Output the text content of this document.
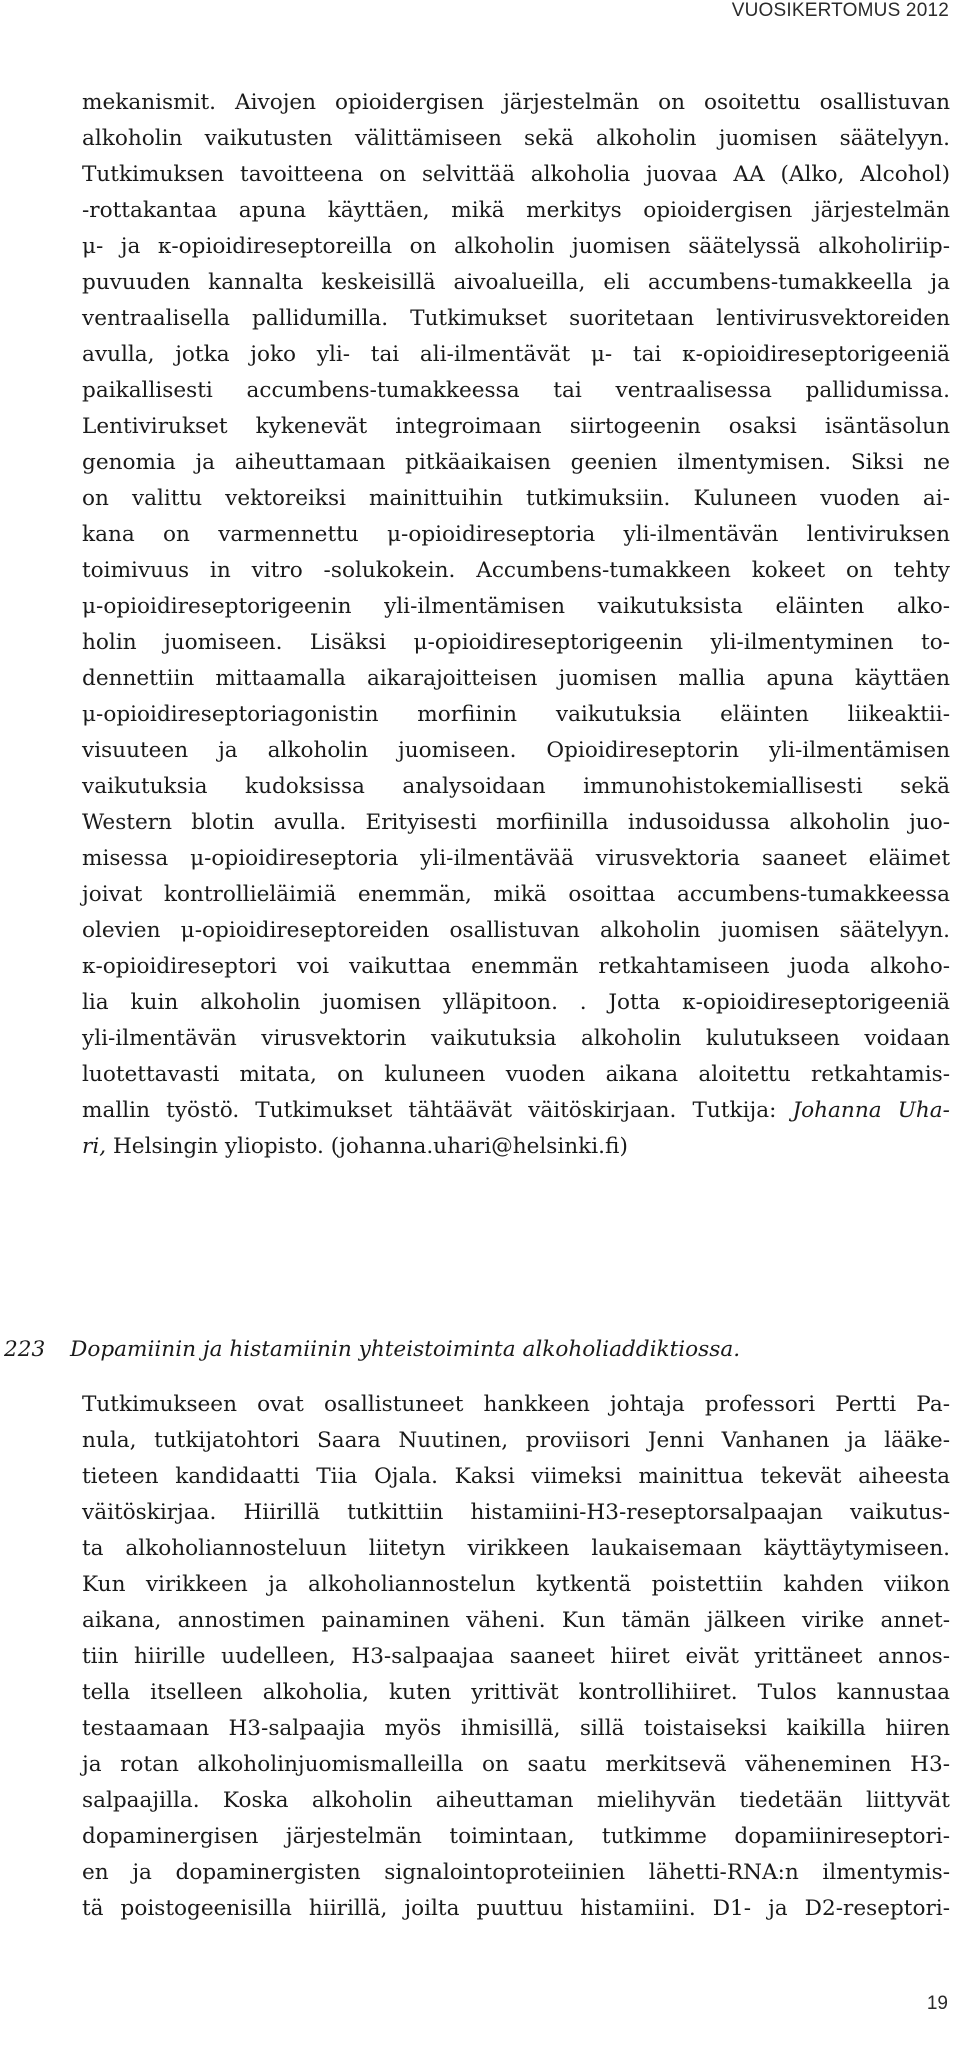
VUOSIKERTOMUS 2012
mekanismit. Aivojen opioidergisen järjestelmän on osoitettu osallistuvan
alkoholin vaikutusten välittämiseen sekä alkoholin juomisen säätelyyn.
Tutkimuksen tavoitteena on selvittää alkoholia juovaa AA (Alko, Alcohol)
-rottakantaa apuna käyttäen, mikä merkitys opioidergisen järjestelmän
μ- ja κ-opioidireseptoreilla on alkoholin juomisen säätelyssä alkoholiriip-
puvuuden kannalta keskeisillä aivoalueilla, eli accumbens-tumakkeella ja
ventraalisella pallidumilla. Tutkimukset suoritetaan lentivirusvektoreiden
avulla, jotka joko yli- tai ali-ilmentävät μ- tai κ-opioidireseptorigeeniä
paikallisesti accumbens-tumakkeessa tai ventraalisessa pallidumissa.
Lentivirukset kykenevät integroimaan siirtogeenin osaksi isäntäsolun
genomia ja aiheuttamaan pitkäaikaisen geenien ilmentymisen. Siksi ne
on valittu vektoreiksi mainittuihin tutkimuksiin. Kuluneen vuoden ai-
kana on varmennettu μ-opioidireseptoria yli-ilmentävän lentiviruksen
toimivuus in vitro -solukokein. Accumbens-tumakkeen kokeet on tehty
μ-opioidireseptorigeenin yli-ilmentämisen vaikutuksista eläinten alko-
holin juomiseen. Lisäksi μ-opioidireseptorigeenin yli-ilmentyminen to-
dennettiin mittaamalla aikarajoitteisen juomisen mallia apuna käyttäen
μ-opioidireseptoriagonistin morfiinin vaikutuksia eläinten liikeaktii-
visuuteen ja alkoholin juomiseen. Opioidireseptorin yli-ilmentämisen
vaikutuksia kudoksissa analysoidaan immunohistokemiallisesti sekä
Western blotin avulla. Erityisesti morfiinilla indusoidussa alkoholin juo-
misessa μ-opioidireseptoria yli-ilmentävää virusvektoria saaneet eläimet
joivat kontrollieläimiä enemmän, mikä osoittaa accumbens-tumakkeessa
olevien μ-opioidireseptoreiden osallistuvan alkoholin juomisen säätelyyn.
κ-opioidireseptori voi vaikuttaa enemmän retkahtamiseen juoda alkoho-
lia kuin alkoholin juomisen ylläpitoon. . Jotta κ-opioidireseptorigeeniä
yli-ilmentävän virusvektorin vaikutuksia alkoholin kulutukseen voidaan
luotettavasti mitata, on kuluneen vuoden aikana aloitettu retkahtamis-
mallin työstö. Tutkimukset tähtäävät väitöskirjaan. Tutkija: Johanna Uha-
ri, Helsingin yliopisto. (johanna.uhari@helsinki.fi)
223 Dopamiinin ja histamiinin yhteistoiminta alkoholiaddiktiossa.
Tutkimukseen ovat osallistuneet hankkeen johtaja professori Pertti Pa-
nula, tutkijatohtori Saara Nuutinen, proviisori Jenni Vanhanen ja lääke-
tieteen kandidaatti Tiia Ojala. Kaksi viimeksi mainittua tekevät aiheesta
väitöskirjaa. Hiirillä tutkittiin histamiini-H3-reseptorsalpaajan vaikutus-
ta alkoholiannosteluun liitetyn virikkeen laukaisemaan käyttäytymiseen.
Kun virikkeen ja alkoholiannostelun kytkentä poistettiin kahden viikon
aikana, annostimen painaminen väheni. Kun tämän jälkeen virike annet-
tiin hiirille uudelleen, H3-salpaajaa saaneet hiiret eivät yrittäneet annos-
tella itselleen alkoholia, kuten yrittivät kontrollihiiret. Tulos kannustaa
testaamaan H3-salpaajia myös ihmisillä, sillä toistaiseksi kaikilla hiiren
ja rotan alkoholinjuomismalleilla on saatu merkitsevä väheneminen H3-
salpaajilla. Koska alkoholin aiheuttaman mielihyvän tiedetään liittyvät
dopaminergisen järjestelmän toimintaan, tutkimme dopamiinireseptori-
en ja dopaminergisten signalointoproteiinien lähetti-RNA:n ilmentymis-
tä poistogeenisilla hiirillä, joilta puuttuu histamiini. D1- ja D2-reseptori-
19
